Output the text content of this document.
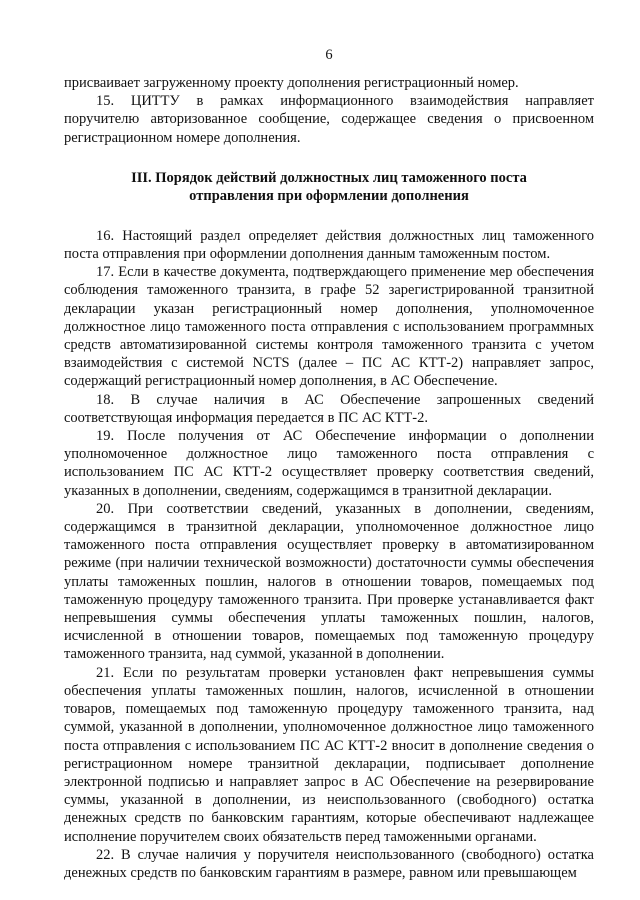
6

присваивает загруженному проекту дополнения регистрационный номер.

15. ЦИТТУ в рамках информационного взаимодействия направляет поручителю авторизованное сообщение, содержащее сведения о присвоенном регистрационном номере дополнения.

III. Порядок действий должностных лиц таможенного поста
отправления при оформлении дополнения

16. Настоящий раздел определяет действия должностных лиц таможенного поста отправления при оформлении дополнения данным таможенным постом.

17. Если в качестве документа, подтверждающего применение мер обеспечения соблюдения таможенного транзита, в графе 52 зарегистрированной транзитной декларации указан регистрационный номер дополнения, уполномоченное должностное лицо таможенного поста отправления с использованием программных средств автоматизированной системы контроля таможенного транзита с учетом взаимодействия с системой NCTS (далее – ПС АС КТТ-2) направляет запрос, содержащий регистрационный номер дополнения, в АС Обеспечение.

18. В случае наличия в АС Обеспечение запрошенных сведений соответствующая информация передается в ПС АС КТТ-2.

19. После получения от АС Обеспечение информации о дополнении уполномоченное должностное лицо таможенного поста отправления с использованием ПС АС КТТ-2 осуществляет проверку соответствия сведений, указанных в дополнении, сведениям, содержащимся в транзитной декларации.

20. При соответствии сведений, указанных в дополнении, сведениям, содержащимся в транзитной декларации, уполномоченное должностное лицо таможенного поста отправления осуществляет проверку в автоматизированном режиме (при наличии технической возможности) достаточности суммы обеспечения уплаты таможенных пошлин, налогов в отношении товаров, помещаемых под таможенную процедуру таможенного транзита. При проверке устанавливается факт непревышения суммы обеспечения уплаты таможенных пошлин, налогов, исчисленной в отношении товаров, помещаемых под таможенную процедуру таможенного транзита, над суммой, указанной в дополнении.

21. Если по результатам проверки установлен факт непревышения суммы обеспечения уплаты таможенных пошлин, налогов, исчисленной в отношении товаров, помещаемых под таможенную процедуру таможенного транзита, над суммой, указанной в дополнении, уполномоченное должностное лицо таможенного поста отправления с использованием ПС АС КТТ-2 вносит в дополнение сведения о регистрационном номере транзитной декларации, подписывает дополнение электронной подписью и направляет запрос в АС Обеспечение на резервирование суммы, указанной в дополнении, из неиспользованного (свободного) остатка денежных средств по банковским гарантиям, которые обеспечивают надлежащее исполнение поручителем своих обязательств перед таможенными органами.

22. В случае наличия у поручителя неиспользованного (свободного) остатка денежных средств по банковским гарантиям в размере, равном или превышающем
